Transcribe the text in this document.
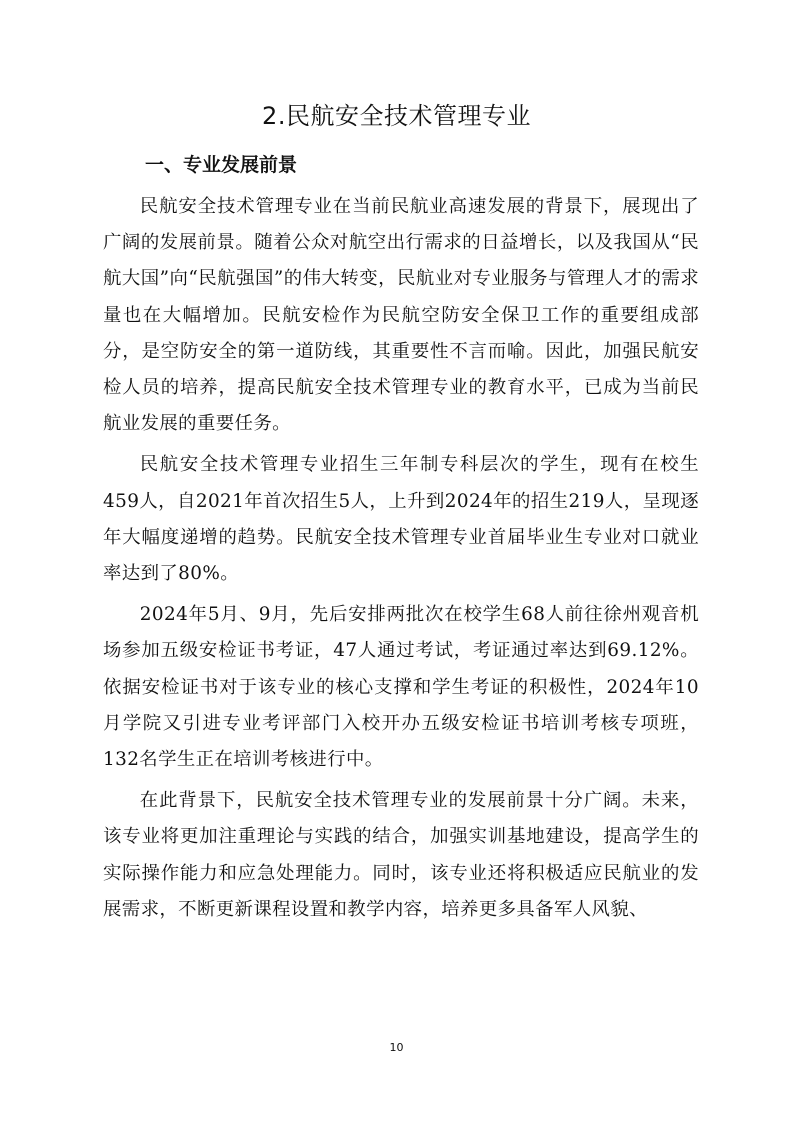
2.民航安全技术管理专业
一、专业发展前景

民航安全技术管理专业在当前民航业高速发展的背景下，展现出了广阔的发展前景。随着公众对航空出行需求的日益增长，以及我国从“民航大国”向“民航强国”的伟大转变，民航业对专业服务与管理人才的需求量也在大幅增加。民航安检作为民航空防安全保卫工作的重要组成部分，是空防安全的第一道防线，其重要性不言而喻。因此，加强民航安检人员的培养，提高民航安全技术管理专业的教育水平，已成为当前民航业发展的重要任务。

民航安全技术管理专业招生三年制专科层次的学生，现有在校生459人，自2021年首次招生5人，上升到2024年的招生219人，呈现逐年大幅度递增的趋势。民航安全技术管理专业首届毕业生专业对口就业率达到了80%。

2024年5月、9月，先后安排两批次在校学生68人前往徐州观音机场参加五级安检证书考证，47人通过考试，考证通过率达到69.12%。依据安检证书对于该专业的核心支撑和学生考证的积极性，2024年10月学院又引进专业考评部门入校开办五级安检证书培训考核专项班，132名学生正在培训考核进行中。

在此背景下，民航安全技术管理专业的发展前景十分广阔。未来，该专业将更加注重理论与实践的结合，加强实训基地建设，提高学生的实际操作能力和应急处理能力。同时，该专业还将积极适应民航业的发展需求，不断更新课程设置和教学内容，培养更多具备军人风貌、

10
